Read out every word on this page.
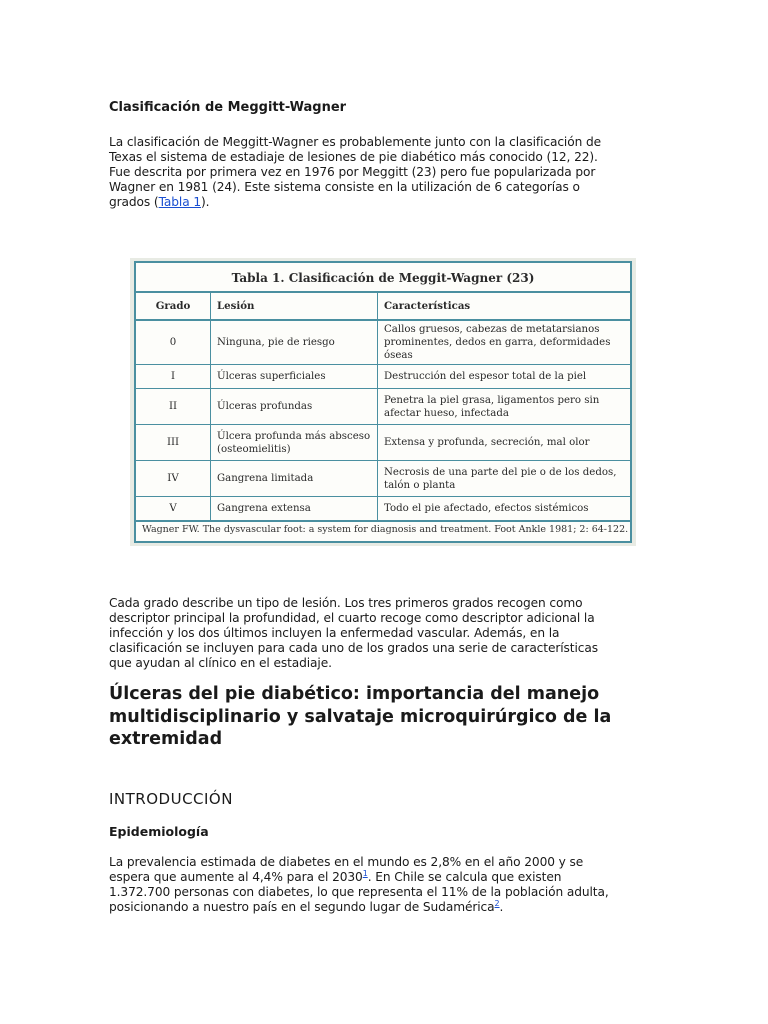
Clasificación de Meggitt-Wagner

La clasificación de Meggitt-Wagner es probablemente junto con la clasificación de
Texas el sistema de estadiaje de lesiones de pie diabético más conocido (12, 22).
Fue descrita por primera vez en 1976 por Meggitt (23) pero fue popularizada por
Wagner en 1981 (24). Este sistema consiste en la utilización de 6 categorías o
grados (Tabla 1).

Tabla 1. Clasificación de Meggit-Wagner (23)
Grado	Lesión	Características
0	Ninguna, pie de riesgo	Callos gruesos, cabezas de metatarsianos prominentes, dedos en garra, deformidades óseas
I	Úlceras superficiales	Destrucción del espesor total de la piel
II	Úlceras profundas	Penetra la piel grasa, ligamentos pero sin afectar hueso, infectada
III	Úlcera profunda más absceso (osteomielitis)	Extensa y profunda, secreción, mal olor
IV	Gangrena limitada	Necrosis de una parte del pie o de los dedos, talón o planta
V	Gangrena extensa	Todo el pie afectado, efectos sistémicos
Wagner FW. The dysvascular foot: a system for diagnosis and treatment. Foot Ankle 1981; 2: 64-122.

Cada grado describe un tipo de lesión. Los tres primeros grados recogen como
descriptor principal la profundidad, el cuarto recoge como descriptor adicional la
infección y los dos últimos incluyen la enfermedad vascular. Además, en la
clasificación se incluyen para cada uno de los grados una serie de características
que ayudan al clínico en el estadiaje.

Úlceras del pie diabético: importancia del manejo multidisciplinario y salvataje microquirúrgico de la extremidad
INTRODUCCIÓN
Epidemiología

La prevalencia estimada de diabetes en el mundo es 2,8% en el año 2000 y se
espera que aumente al 4,4% para el 2030$^1$. En Chile se calcula que existen
1.372.700 personas con diabetes, lo que representa el 11% de la población adulta,
posicionando a nuestro país en el segundo lugar de Sudamérica$^2$.
